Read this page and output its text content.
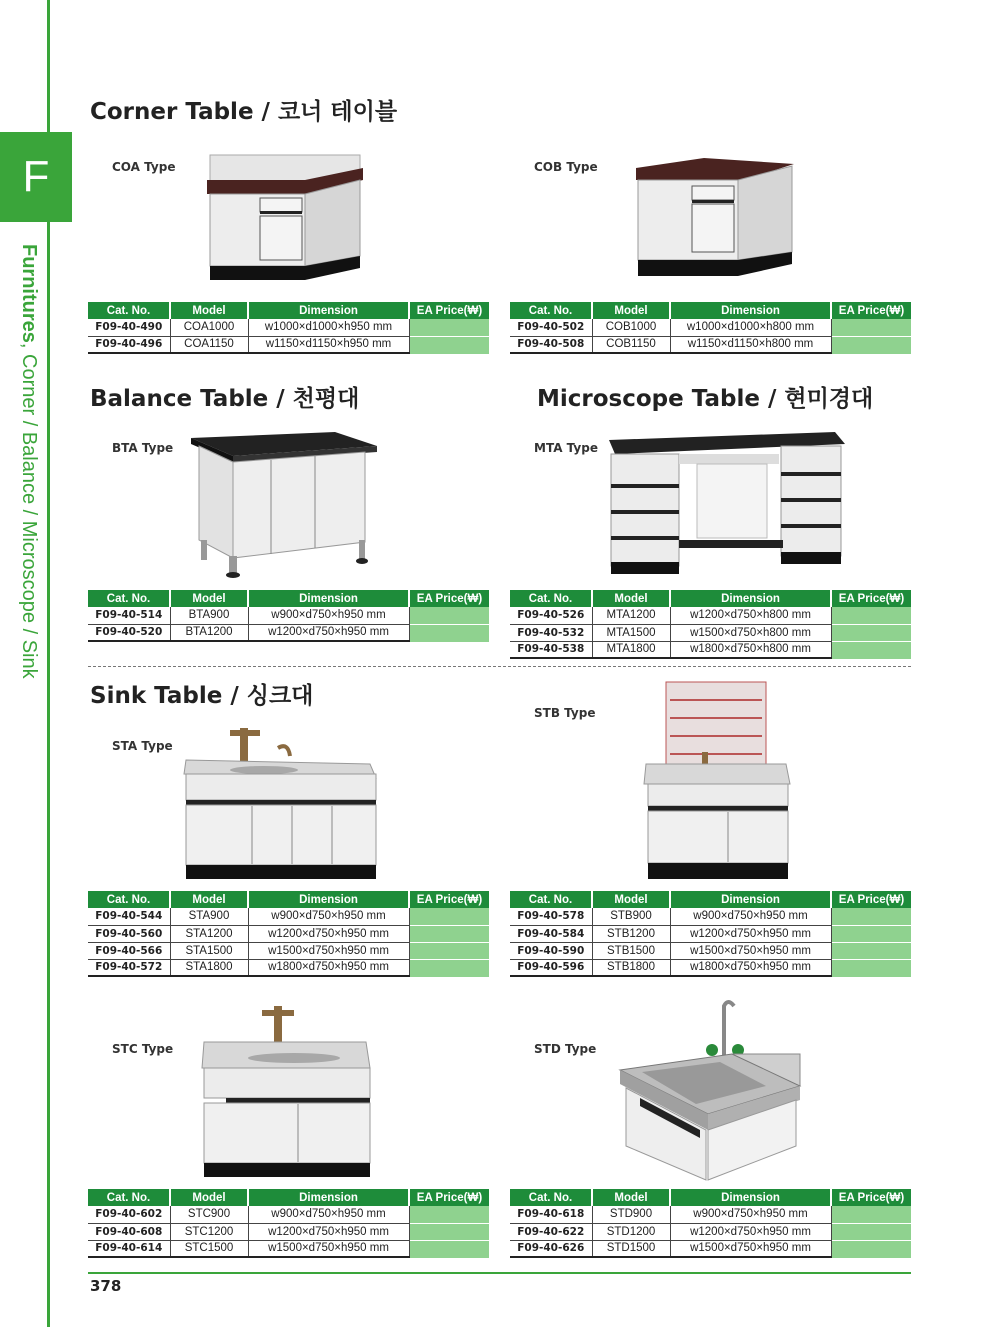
F
Furnitures, Corner / Balance / Microscope / Sink
Corner Table / 코너 테이블
COA Type	COB Type
Cat. No.	Model	Dimension	EA Price(₩)
F09-40-490	COA1000	w1000×d1000×h950 mm	
F09-40-496	COA1150	w1150×d1150×h950 mm	
Cat. No.	Model	Dimension	EA Price(₩)
F09-40-502	COB1000	w1000×d1000×h800 mm	
F09-40-508	COB1150	w1150×d1150×h800 mm	
Balance Table / 천평대	Microscope Table / 현미경대
BTA Type	MTA Type
Cat. No.	Model	Dimension	EA Price(₩)
F09-40-514	BTA900	w900×d750×h950 mm	
F09-40-520	BTA1200	w1200×d750×h950 mm	
Cat. No.	Model	Dimension	EA Price(₩)
F09-40-526	MTA1200	w1200×d750×h800 mm	
F09-40-532	MTA1500	w1500×d750×h800 mm	
F09-40-538	MTA1800	w1800×d750×h800 mm	
Sink Table / 싱크대
STA Type
STB Type
Cat. No.	Model	Dimension	EA Price(₩)
F09-40-544	STA900	w900×d750×h950 mm	
F09-40-560	STA1200	w1200×d750×h950 mm	
F09-40-566	STA1500	w1500×d750×h950 mm	
F09-40-572	STA1800	w1800×d750×h950 mm	
Cat. No.	Model	Dimension	EA Price(₩)
F09-40-578	STB900	w900×d750×h950 mm	
F09-40-584	STB1200	w1200×d750×h950 mm	
F09-40-590	STB1500	w1500×d750×h950 mm	
F09-40-596	STB1800	w1800×d750×h950 mm	
STC Type	STD Type
Cat. No.	Model	Dimension	EA Price(₩)
F09-40-602	STC900	w900×d750×h950 mm	
F09-40-608	STC1200	w1200×d750×h950 mm	
F09-40-614	STC1500	w1500×d750×h950 mm	
Cat. No.	Model	Dimension	EA Price(₩)
F09-40-618	STD900	w900×d750×h950 mm	
F09-40-622	STD1200	w1200×d750×h950 mm	
F09-40-626	STD1500	w1500×d750×h950 mm	
378
